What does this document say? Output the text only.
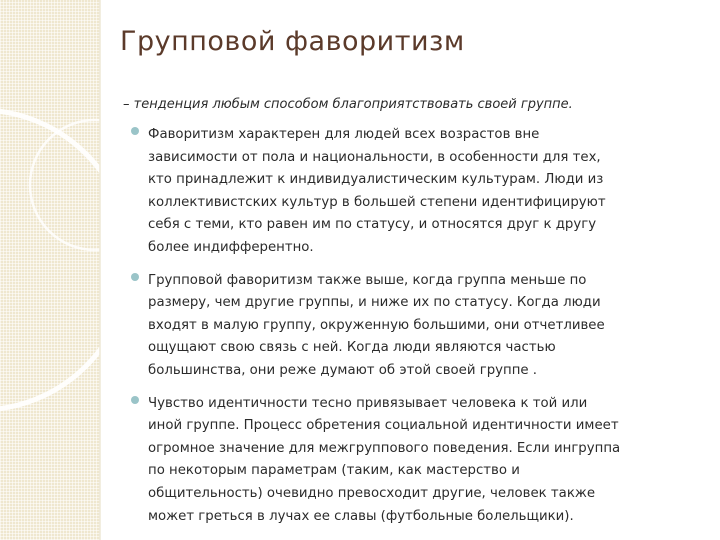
Групповой фаворитизм

– тенденция любым способом благоприятствовать своей группе.

Фаворитизм характерен для людей всех возрастов вне
зависимости от пола и национальности, в особенности для тех,
кто принадлежит к индивидуалистическим культурам. Люди из
коллективистских культур в большей степени идентифицируют
себя с теми, кто равен им по статусу, и относятся друг к другу
более индифферентно.
Групповой фаворитизм также выше, когда группа меньше по
размеру, чем другие группы, и ниже их по статусу. Когда люди
входят в малую группу, окруженную большими, они отчетливее
ощущают свою связь с ней. Когда люди являются частью
большинства, они реже думают об этой своей группе .
Чувство идентичности тесно привязывает человека к той или
иной группе. Процесс обретения социальной идентичности имеет
огромное значение для межгруппового поведения. Если ингруппа
по некоторым параметрам (таким, как мастерство и
общительность) очевидно превосходит другие, человек также
может греться в лучах ее славы (футбольные болельщики).
